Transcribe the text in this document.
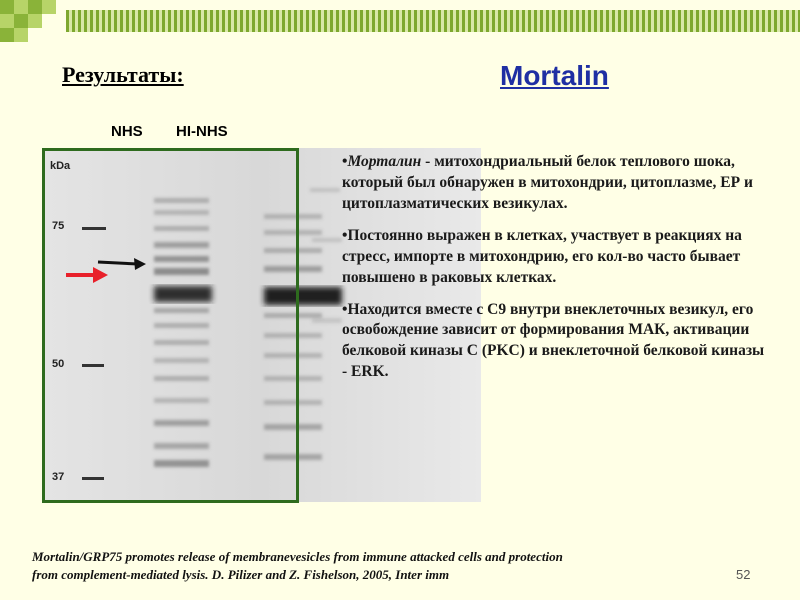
Результаты:	Mortalin
NHS HI-NHS
kDa
75
50
37

•Морталин - митохондриальный белок теплового шока, который был обнаружен в митохондрии, цитоплазме, ЕР и цитоплазматических везикулах.

•Постоянно выражен в клетках, участвует в реакциях на стресс, импорте в митохондрию, его кол-во часто бывает повышено в раковых клетках.

•Находится вместе с С9 внутри внеклеточных везикул, его освобождение зависит от формирования МАК, активации белковой киназы С (PKC) и внеклеточной белковой киназы - ERK.

Mortalin/GRP75 promotes release of membranevesicles from immune attacked cells and protection
from complement-mediated lysis. D. Pilizer and Z. Fishelson, 2005, Inter imm	52
